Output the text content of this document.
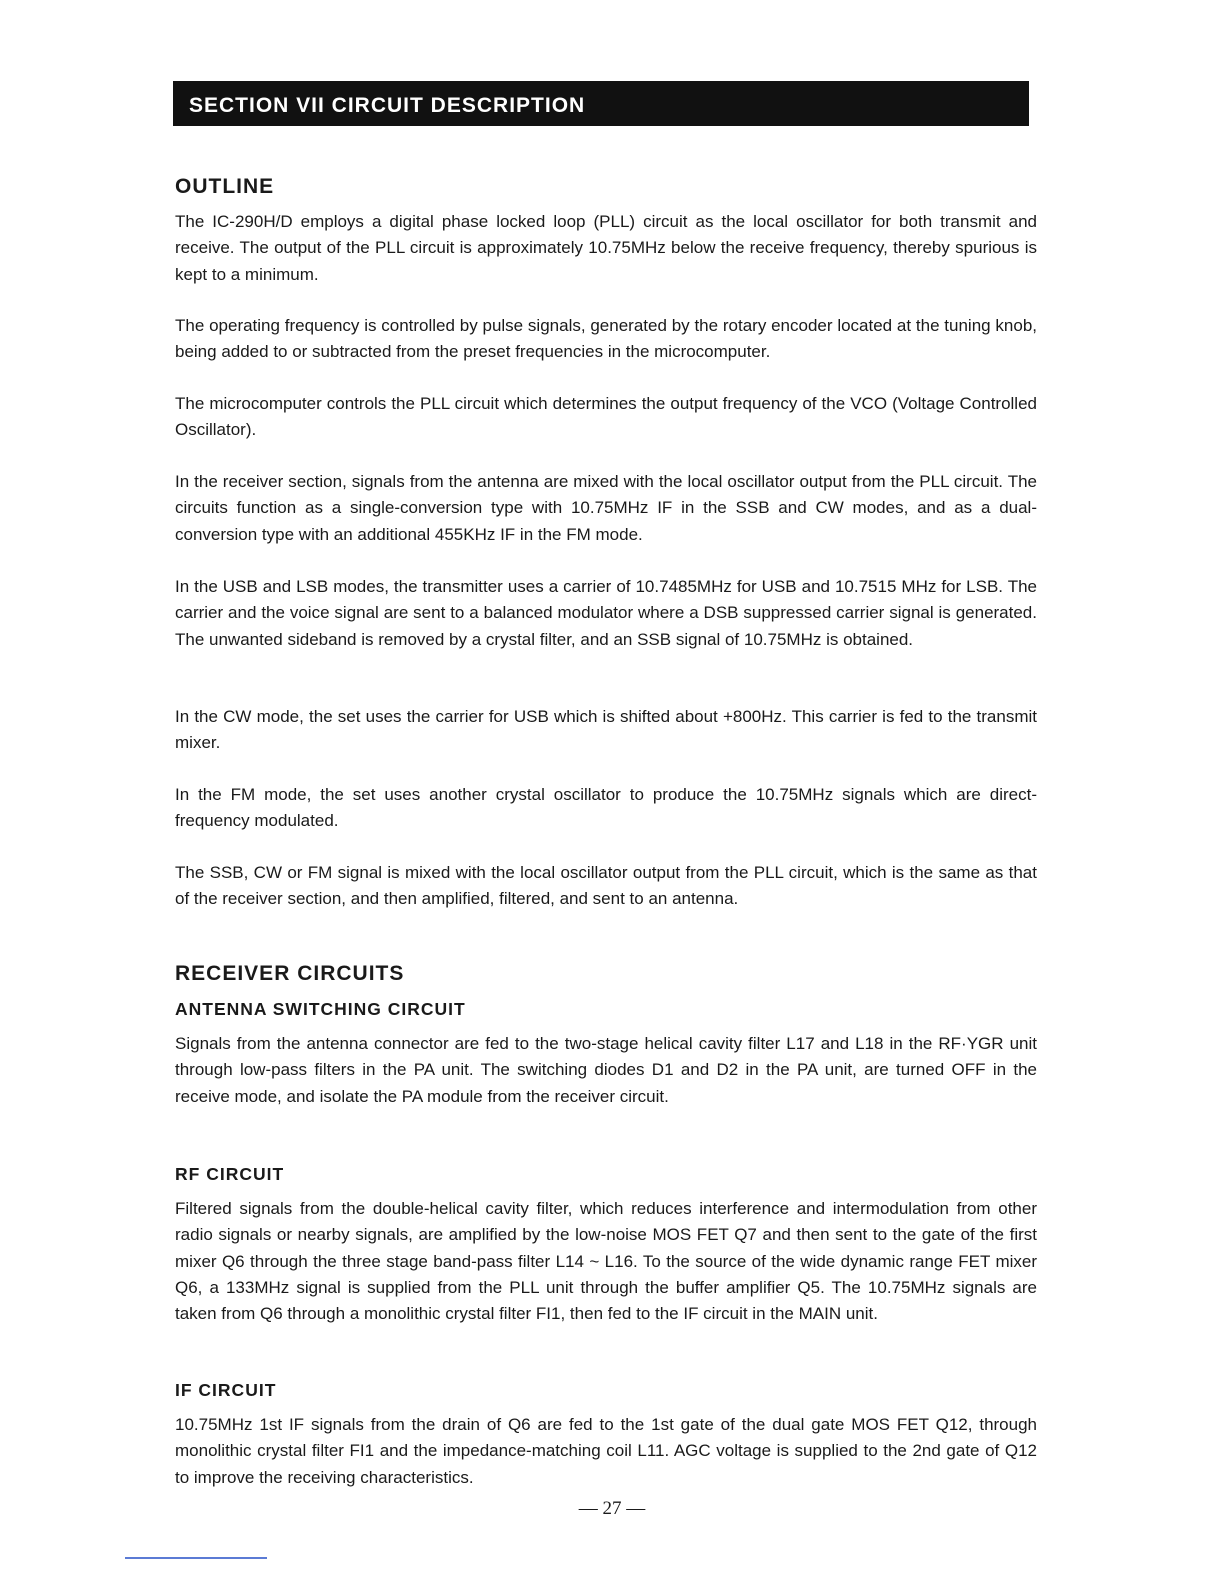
SECTION VII CIRCUIT DESCRIPTION
OUTLINE

The IC-290H/D employs a digital phase locked loop (PLL) circuit as the local oscillator for both transmit and receive. The output of the PLL circuit is approximately 10.75MHz below the receive frequency, thereby spurious is kept to a minimum.

The operating frequency is controlled by pulse signals, generated by the rotary encoder located at the tuning knob, being added to or subtracted from the preset frequencies in the microcomputer.

The microcomputer controls the PLL circuit which determines the output frequency of the VCO (Voltage Controlled Oscillator).

In the receiver section, signals from the antenna are mixed with the local oscillator output from the PLL circuit. The circuits function as a single-conversion type with 10.75MHz IF in the SSB and CW modes, and as a dual-conversion type with an additional 455KHz IF in the FM mode.

In the USB and LSB modes, the transmitter uses a carrier of 10.7485MHz for USB and 10.7515 MHz for LSB. The carrier and the voice signal are sent to a balanced modulator where a DSB suppressed carrier signal is generated. The unwanted sideband is removed by a crystal filter, and an SSB signal of 10.75MHz is obtained.

In the CW mode, the set uses the carrier for USB which is shifted about +800Hz. This carrier is fed to the transmit mixer.

In the FM mode, the set uses another crystal oscillator to produce the 10.75MHz signals which are direct-frequency modulated.

The SSB, CW or FM signal is mixed with the local oscillator output from the PLL circuit, which is the same as that of the receiver section, and then amplified, filtered, and sent to an antenna.

RECEIVER CIRCUITS
ANTENNA SWITCHING CIRCUIT

Signals from the antenna connector are fed to the two-stage helical cavity filter L17 and L18 in the RF·YGR unit through low-pass filters in the PA unit. The switching diodes D1 and D2 in the PA unit, are turned OFF in the receive mode, and isolate the PA module from the receiver circuit.

RF CIRCUIT

Filtered signals from the double-helical cavity filter, which reduces interference and intermodulation from other radio signals or nearby signals, are amplified by the low-noise MOS FET Q7 and then sent to the gate of the first mixer Q6 through the three stage band-pass filter L14 ~ L16. To the source of the wide dynamic range FET mixer Q6, a 133MHz signal is supplied from the PLL unit through the buffer amplifier Q5. The 10.75MHz signals are taken from Q6 through a monolithic crystal filter FI1, then fed to the IF circuit in the MAIN unit.

IF CIRCUIT

10.75MHz 1st IF signals from the drain of Q6 are fed to the 1st gate of the dual gate MOS FET Q12, through monolithic crystal filter FI1 and the impedance-matching coil L11. AGC voltage is supplied to the 2nd gate of Q12 to improve the receiving characteristics.

— 27 —
